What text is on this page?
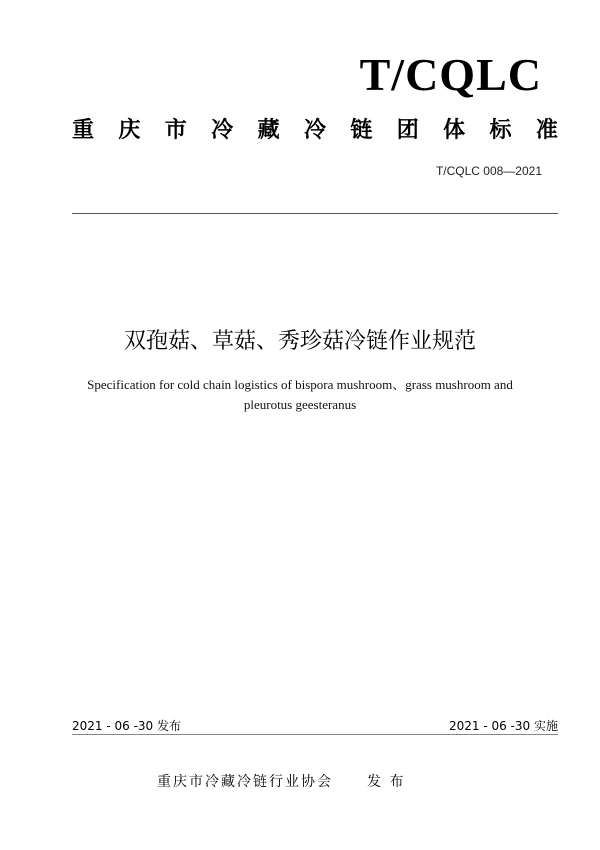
T/CQLC
重 庆 市 冷 藏 冷 链 团 体 标 准
T/CQLC 008—2021
双孢菇、草菇、秀珍菇冷链作业规范
Specification for cold chain logistics of bispora mushroom、grass mushroom and
pleurotus geesteranus
2021 - 06 -30 发布	2021 - 06 -30 实施
重庆市冷藏冷链行业协会 发 布
